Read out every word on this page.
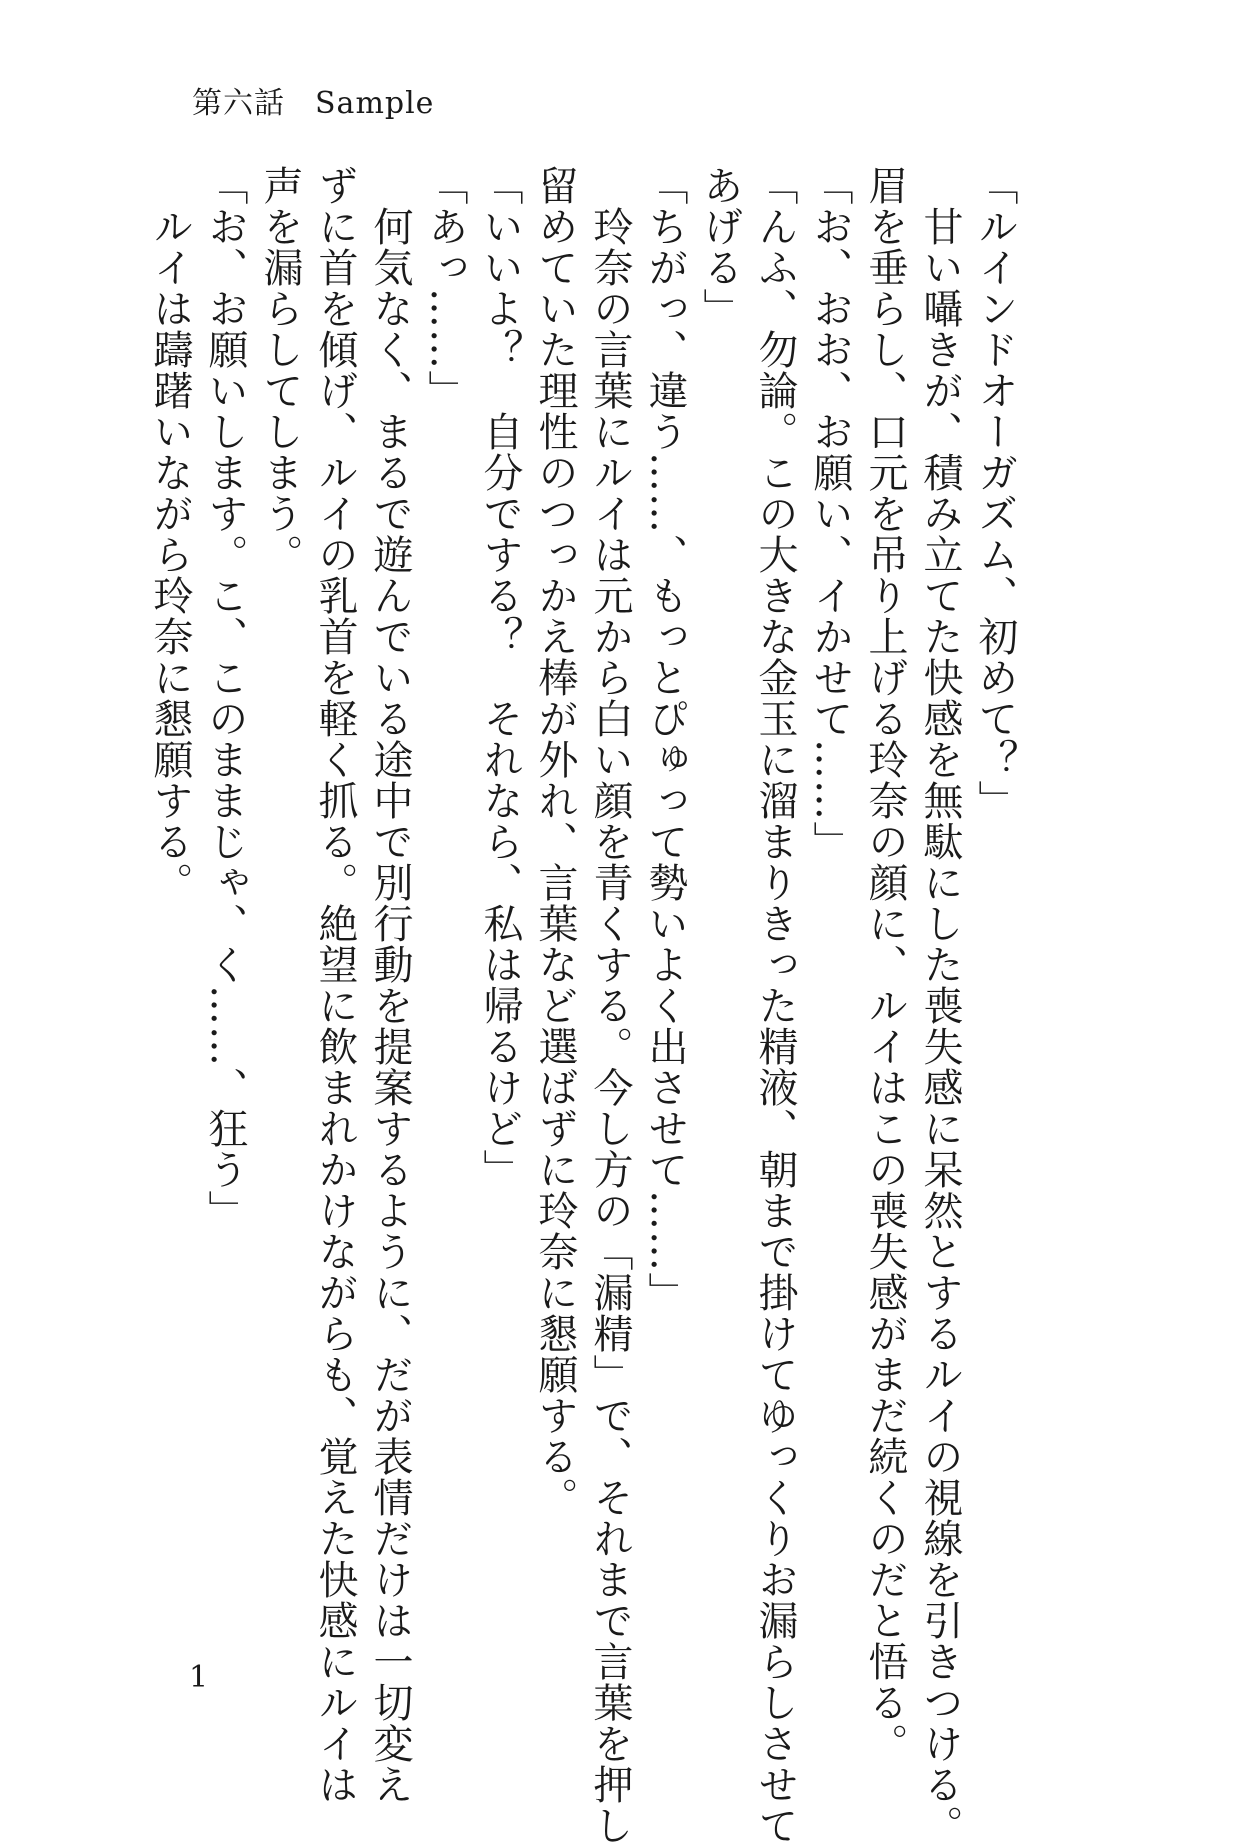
第六話 Sample

「ルインドオーガズム、初めて？」

　甘い囁きが、積み立てた快感を無駄にした喪失感に呆然とするルイの視線を引きつける。

眉を垂らし、口元を吊り上げる玲奈の顔に、ルイはこの喪失感がまだ続くのだと悟る。

「お、おお、お願い、イかせて……」

「んふ、勿論。この大きな金玉に溜まりきった精液、朝まで掛けてゆっくりお漏らしさせて

あげる」

「ちがっ、違う……、もっとぴゅって勢いよく出させて……」

　玲奈の言葉にルイは元から白い顔を青くする。今し方の「漏精」で、それまで言葉を押し

留めていた理性のつっかえ棒が外れ、言葉など選ばずに玲奈に懇願する。

「いいよ？　自分でする？　それなら、私は帰るけど」

「あっ……」

　何気なく、まるで遊んでいる途中で別行動を提案するように、だが表情だけは一切変え

ずに首を傾げ、ルイの乳首を軽く抓る。絶望に飲まれかけながらも、覚えた快感にルイは

声を漏らしてしまう。

「お、お願いします。こ、このままじゃ、く……、狂う」

　ルイは躊躇いながら玲奈に懇願する。

1
